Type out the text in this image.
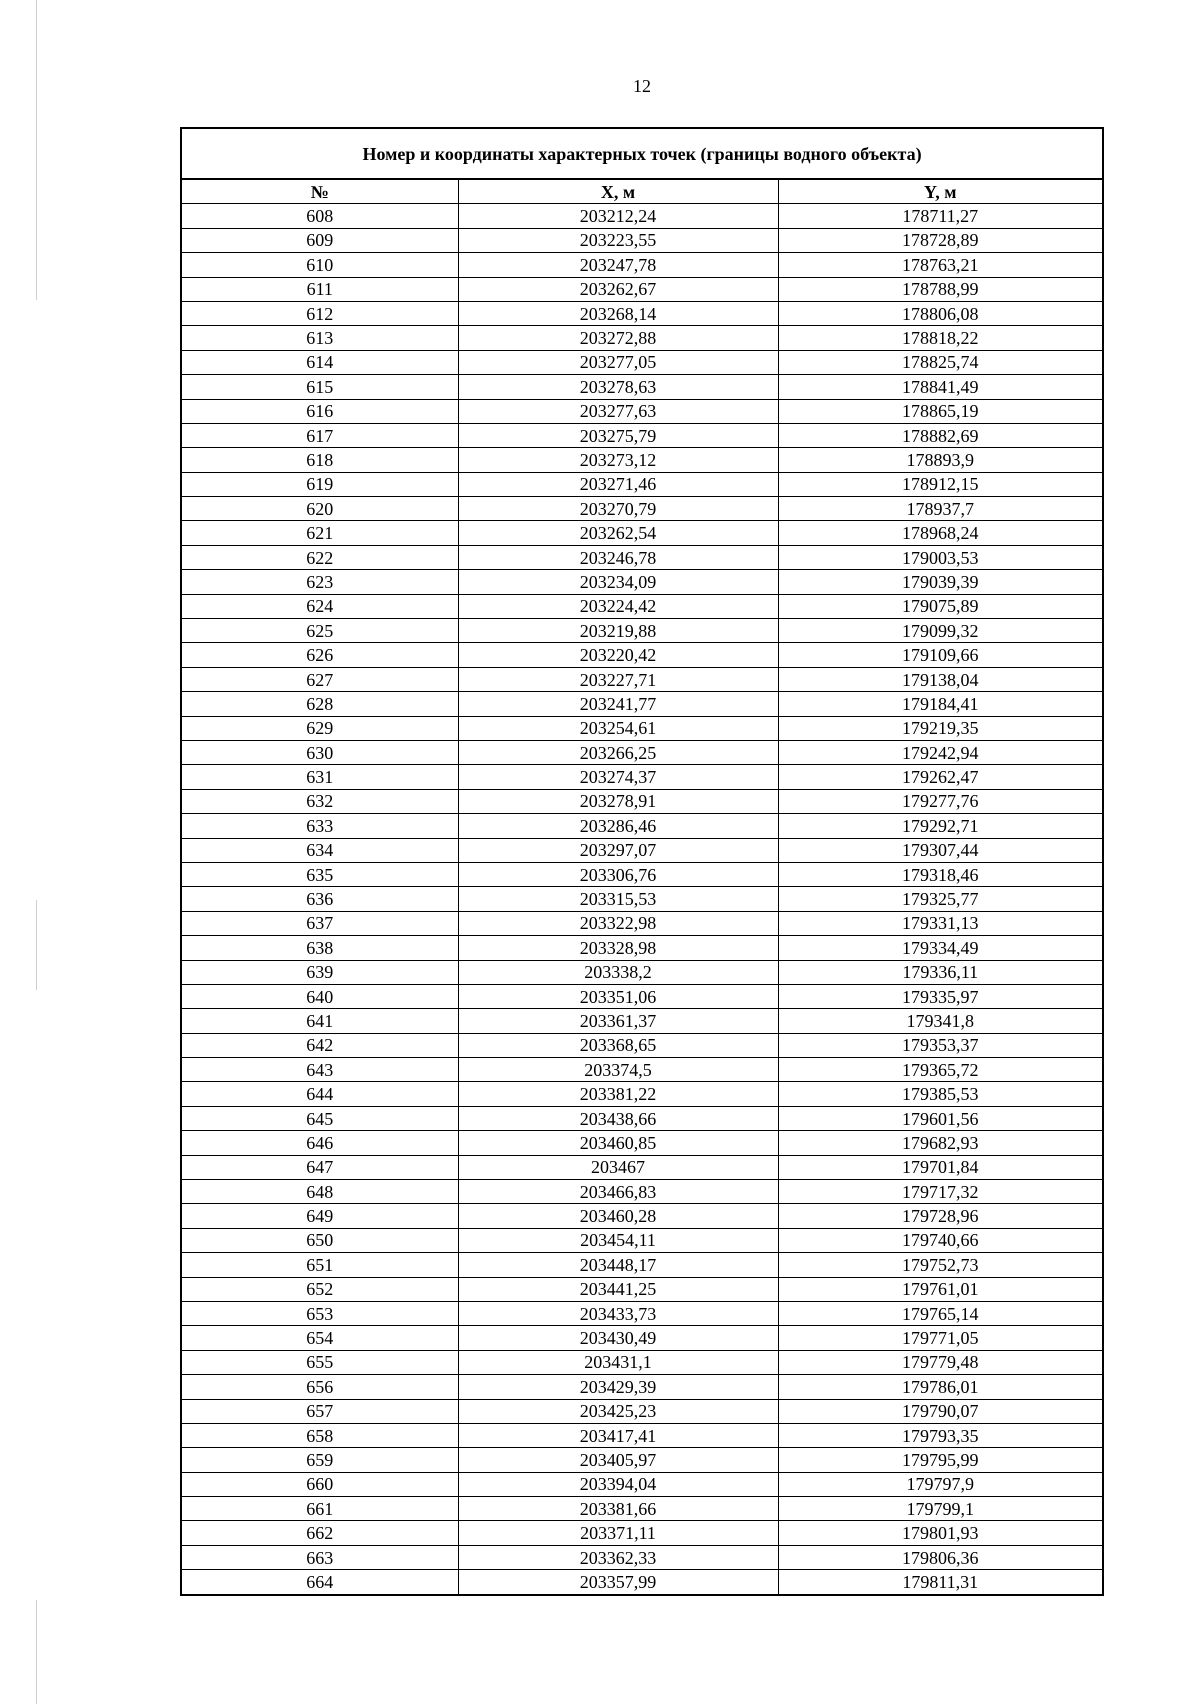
12
Номер и координаты характерных точек (границы водного объекта)		
№	X, м	Y, м
608	203212,24	178711,27
609	203223,55	178728,89
610	203247,78	178763,21
611	203262,67	178788,99
612	203268,14	178806,08
613	203272,88	178818,22
614	203277,05	178825,74
615	203278,63	178841,49
616	203277,63	178865,19
617	203275,79	178882,69
618	203273,12	178893,9
619	203271,46	178912,15
620	203270,79	178937,7
621	203262,54	178968,24
622	203246,78	179003,53
623	203234,09	179039,39
624	203224,42	179075,89
625	203219,88	179099,32
626	203220,42	179109,66
627	203227,71	179138,04
628	203241,77	179184,41
629	203254,61	179219,35
630	203266,25	179242,94
631	203274,37	179262,47
632	203278,91	179277,76
633	203286,46	179292,71
634	203297,07	179307,44
635	203306,76	179318,46
636	203315,53	179325,77
637	203322,98	179331,13
638	203328,98	179334,49
639	203338,2	179336,11
640	203351,06	179335,97
641	203361,37	179341,8
642	203368,65	179353,37
643	203374,5	179365,72
644	203381,22	179385,53
645	203438,66	179601,56
646	203460,85	179682,93
647	203467	179701,84
648	203466,83	179717,32
649	203460,28	179728,96
650	203454,11	179740,66
651	203448,17	179752,73
652	203441,25	179761,01
653	203433,73	179765,14
654	203430,49	179771,05
655	203431,1	179779,48
656	203429,39	179786,01
657	203425,23	179790,07
658	203417,41	179793,35
659	203405,97	179795,99
660	203394,04	179797,9
661	203381,66	179799,1
662	203371,11	179801,93
663	203362,33	179806,36
664	203357,99	179811,31
